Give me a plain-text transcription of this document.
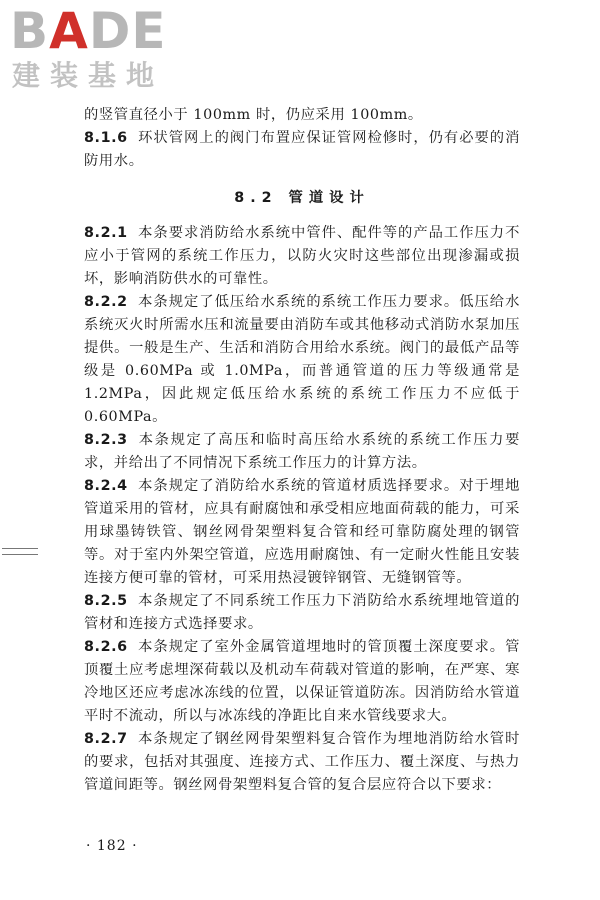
BADE
建装基地

的竖管直径小于 100mm 时，仍应采用 100mm。

8.1.6 环状管网上的阀门布置应保证管网检修时，仍有必要的消防用水。

8.2 管道设计

8.2.1 本条要求消防给水系统中管件、配件等的产品工作压力不应小于管网的系统工作压力，以防火灾时这些部位出现渗漏或损坏，影响消防供水的可靠性。

8.2.2 本条规定了低压给水系统的系统工作压力要求。低压给水系统灭火时所需水压和流量要由消防车或其他移动式消防水泵加压提供。一般是生产、生活和消防合用给水系统。阀门的最低产品等级是 0.60MPa 或 1.0MPa，而普通管道的压力等级通常是 1.2MPa，因此规定低压给水系统的系统工作压力不应低于 0.60MPa。

8.2.3 本条规定了高压和临时高压给水系统的系统工作压力要求，并给出了不同情况下系统工作压力的计算方法。

8.2.4 本条规定了消防给水系统的管道材质选择要求。对于埋地管道采用的管材，应具有耐腐蚀和承受相应地面荷载的能力，可采用球墨铸铁管、钢丝网骨架塑料复合管和经可靠防腐处理的钢管等。对于室内外架空管道，应选用耐腐蚀、有一定耐火性能且安装连接方便可靠的管材，可采用热浸镀锌钢管、无缝钢管等。

8.2.5 本条规定了不同系统工作压力下消防给水系统埋地管道的管材和连接方式选择要求。

8.2.6 本条规定了室外金属管道埋地时的管顶覆土深度要求。管顶覆土应考虑埋深荷载以及机动车荷载对管道的影响，在严寒、寒冷地区还应考虑冰冻线的位置，以保证管道防冻。因消防给水管道平时不流动，所以与冰冻线的净距比自来水管线要求大。

8.2.7 本条规定了钢丝网骨架塑料复合管作为埋地消防给水管时的要求，包括对其强度、连接方式、工作压力、覆土深度、与热力管道间距等。钢丝网骨架塑料复合管的复合层应符合以下要求：

· 182 ·
